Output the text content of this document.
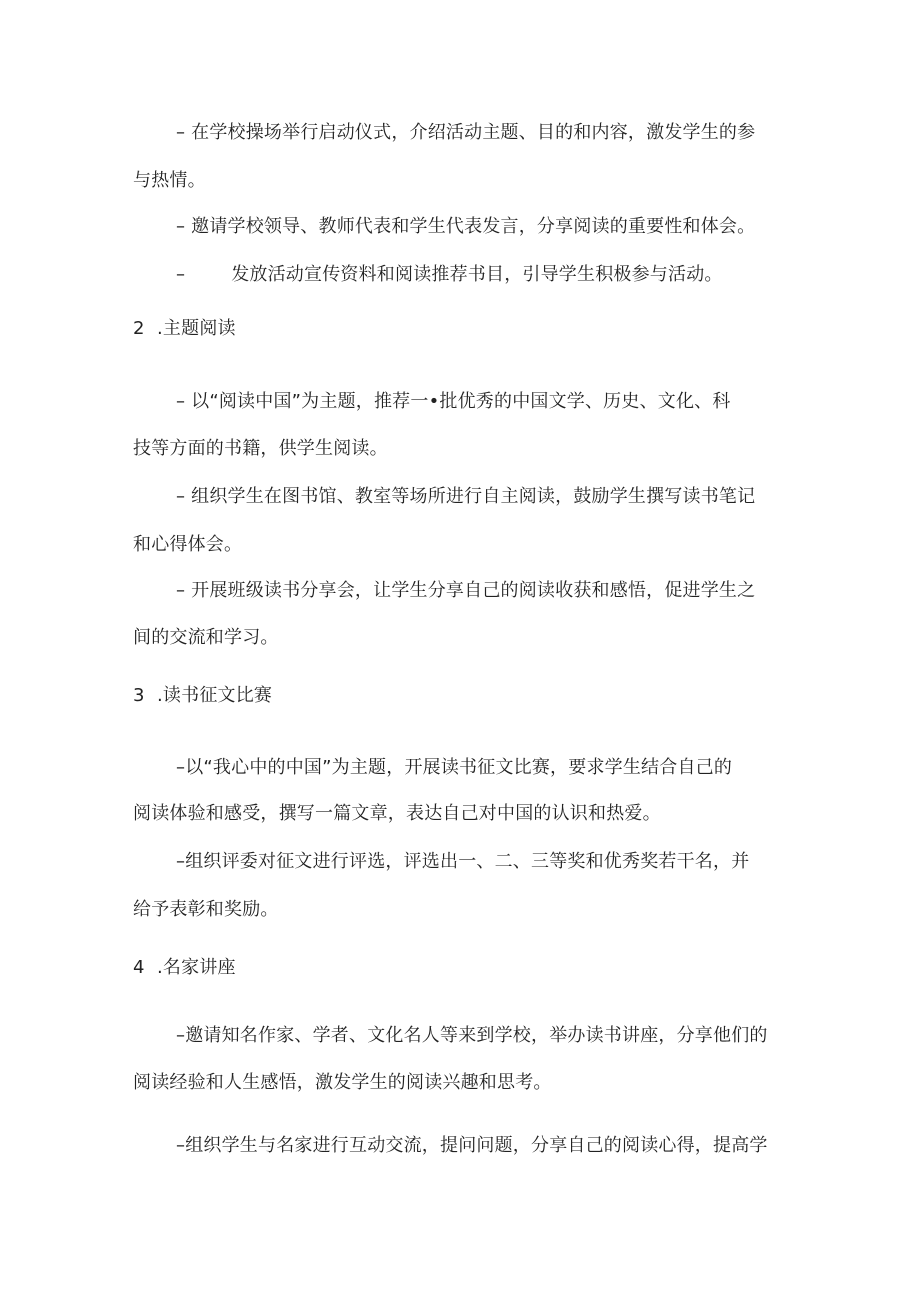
– 在学校操场举行启动仪式，介绍活动主题、目的和内容，激发学生的参
与热情。
– 邀请学校领导、教师代表和学生代表发言，分享阅读的重要性和体会。
–	发放活动宣传资料和阅读推荐书目，引导学生积极参与活动。
2 .主题阅读
– 以“阅读中国”为主题，推荐一•批优秀的中国文学、历史、文化、科
技等方面的书籍，供学生阅读。
– 组织学生在图书馆、教室等场所进行自主阅读，鼓励学生撰写读书笔记
和心得体会。
– 开展班级读书分享会，让学生分享自己的阅读收获和感悟，促进学生之
间的交流和学习。
3 .读书征文比赛
–以“我心中的中国”为主题，开展读书征文比赛，要求学生结合自己的
阅读体验和感受，撰写一篇文章，表达自己对中国的认识和热爱。
–组织评委对征文进行评选，评选出一、二、三等奖和优秀奖若干名，并
给予表彰和奖励。
4 .名家讲座
–邀请知名作家、学者、文化名人等来到学校，举办读书讲座，分享他们的
阅读经验和人生感悟，激发学生的阅读兴趣和思考。
–组织学生与名家进行互动交流，提问问题，分享自己的阅读心得，提高学
